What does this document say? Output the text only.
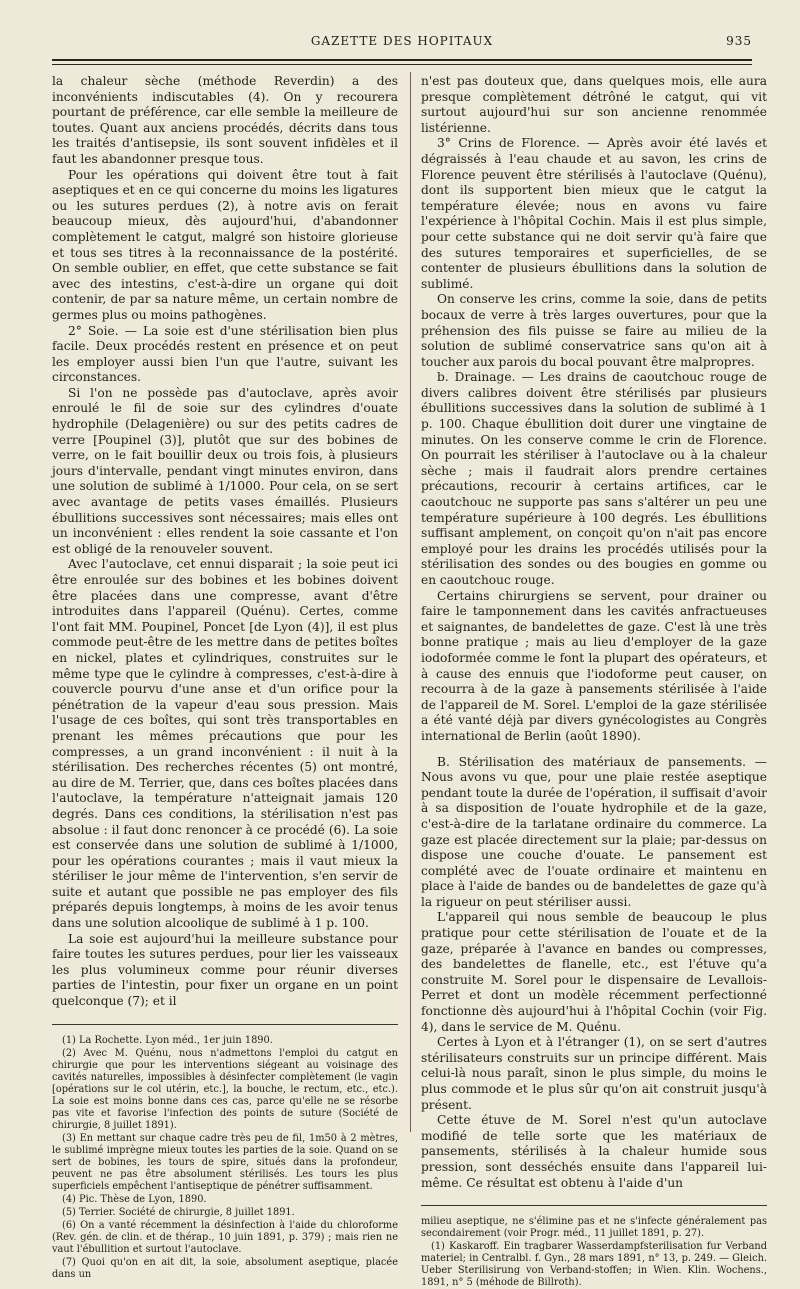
GAZETTE DES HOPITAUX	935

la chaleur sèche (méthode Reverdin) a des inconvénients indiscutables (4). On y recourera pourtant de préférence, car elle semble la meilleure de toutes. Quant aux anciens procédés, décrits dans tous les traités d'antisepsie, ils sont souvent infidèles et il faut les abandonner presque tous.

Pour les opérations qui doivent être tout à fait aseptiques et en ce qui concerne du moins les ligatures ou les sutures perdues (2), à notre avis on ferait beaucoup mieux, dès aujourd'hui, d'abandonner complètement le catgut, malgré son histoire glorieuse et tous ses titres à la reconnaissance de la postérité. On semble oublier, en effet, que cette substance se fait avec des intestins, c'est-à-dire un organe qui doit contenir, de par sa nature même, un certain nombre de germes plus ou moins pathogènes.

2° Soie. — La soie est d'une stérilisation bien plus facile. Deux procédés restent en présence et on peut les employer aussi bien l'un que l'autre, suivant les circonstances.

Si l'on ne possède pas d'autoclave, après avoir enroulé le fil de soie sur des cylindres d'ouate hydrophile (Delagenière) ou sur des petits cadres de verre [Poupinel (3)], plutôt que sur des bobines de verre, on le fait bouillir deux ou trois fois, à plusieurs jours d'intervalle, pendant vingt minutes environ, dans une solution de sublimé à 1/1000. Pour cela, on se sert avec avantage de petits vases émaillés. Plusieurs ébullitions successives sont nécessaires; mais elles ont un inconvénient : elles rendent la soie cassante et l'on est obligé de la renouveler souvent.

Avec l'autoclave, cet ennui disparait ; la soie peut ici être enroulée sur des bobines et les bobines doivent être placées dans une compresse, avant d'être introduites dans l'appareil (Quénu). Certes, comme l'ont fait MM. Poupinel, Poncet [de Lyon (4)], il est plus commode peut-être de les mettre dans de petites boîtes en nickel, plates et cylindriques, construites sur le même type que le cylindre à compresses, c'est-à-dire à couvercle pourvu d'une anse et d'un orifice pour la pénétration de la vapeur d'eau sous pression. Mais l'usage de ces boîtes, qui sont très transportables en prenant les mêmes précautions que pour les compresses, a un grand inconvénient : il nuit à la stérilisation. Des recherches récentes (5) ont montré, au dire de M. Terrier, que, dans ces boîtes placées dans l'autoclave, la température n'atteignait jamais 120 degrés. Dans ces conditions, la stérilisation n'est pas absolue : il faut donc renoncer à ce procédé (6). La soie est conservée dans une solution de sublimé à 1/1000, pour les opérations courantes ; mais il vaut mieux la stériliser le jour même de l'intervention, s'en servir de suite et autant que possible ne pas employer des fils préparés depuis longtemps, à moins de les avoir tenus dans une solution alcoolique de sublimé à 1 p. 100.

La soie est aujourd'hui la meilleure substance pour faire toutes les sutures perdues, pour lier les vaisseaux les plus volumineux comme pour réunir diverses parties de l'intestin, pour fixer un organe en un point quelconque (7); et il

(1) La Rochette. Lyon méd., 1er juin 1890.

(2) Avec M. Quénu, nous n'admettons l'emploi du catgut en chirurgie que pour les interventions siégeant au voisinage des cavités naturelles, impossibles à désinfecter complètement (le vagin [opérations sur le col utérin, etc.], la bouche, le rectum, etc., etc.). La soie est moins bonne dans ces cas, parce qu'elle ne se résorbe pas vite et favorise l'infection des points de suture (Société de chirurgie, 8 juillet 1891).

(3) En mettant sur chaque cadre très peu de fil, 1m50 à 2 mètres, le sublimé imprègne mieux toutes les parties de la soie. Quand on se sert de bobines, les tours de spire, situés dans la profondeur, peuvent ne pas être absolument stérilisés. Les tours les plus superficiels empêchent l'antiseptique de pénétrer suffisamment.

(4) Pic. Thèse de Lyon, 1890.

(5) Terrier. Société de chirurgie, 8 juillet 1891.

(6) On a vanté récemment la désinfection à l'aide du chloroforme (Rev. gén. de clin. et de thérap., 10 juin 1891, p. 379) ; mais rien ne vaut l'ébullition et surtout l'autoclave.

(7) Quoi qu'on en ait dit, la soie, absolument aseptique, placée dans un

n'est pas douteux que, dans quelques mois, elle aura presque complètement détrôné le catgut, qui vit surtout aujourd'hui sur son ancienne renommée listérienne.

3° Crins de Florence. — Après avoir été lavés et dégraissés à l'eau chaude et au savon, les crins de Florence peuvent être stérilisés à l'autoclave (Quénu), dont ils supportent bien mieux que le catgut la température élevée; nous en avons vu faire l'expérience à l'hôpital Cochin. Mais il est plus simple, pour cette substance qui ne doit servir qu'à faire que des sutures temporaires et superficielles, de se contenter de plusieurs ébullitions dans la solution de sublimé.

On conserve les crins, comme la soie, dans de petits bocaux de verre à très larges ouvertures, pour que la préhension des fils puisse se faire au milieu de la solution de sublimé conservatrice sans qu'on ait à toucher aux parois du bocal pouvant être malpropres.

b. Drainage. — Les drains de caoutchouc rouge de divers calibres doivent être stérilisés par plusieurs ébullitions successives dans la solution de sublimé à 1 p. 100. Chaque ébullition doit durer une vingtaine de minutes. On les conserve comme le crin de Florence. On pourrait les stériliser à l'autoclave ou à la chaleur sèche ; mais il faudrait alors prendre certaines précautions, recourir à certains artifices, car le caoutchouc ne supporte pas sans s'altérer un peu une température supérieure à 100 degrés. Les ébullitions suffisant amplement, on conçoit qu'on n'ait pas encore employé pour les drains les procédés utilisés pour la stérilisation des sondes ou des bougies en gomme ou en caoutchouc rouge.

Certains chirurgiens se servent, pour drainer ou faire le tamponnement dans les cavités anfractueuses et saignantes, de bandelettes de gaze. C'est là une très bonne pratique ; mais au lieu d'employer de la gaze iodoformée comme le font la plupart des opérateurs, et à cause des ennuis que l'iodoforme peut causer, on recourra à de la gaze à pansements stérilisée à l'aide de l'appareil de M. Sorel. L'emploi de la gaze stérilisée a été vanté déjà par divers gynécologistes au Congrès international de Berlin (août 1890).

B. Stérilisation des matériaux de pansements. — Nous avons vu que, pour une plaie restée aseptique pendant toute la durée de l'opération, il suffisait d'avoir à sa disposition de l'ouate hydrophile et de la gaze, c'est-à-dire de la tarlatane ordinaire du commerce. La gaze est placée directement sur la plaie; par-dessus on dispose une couche d'ouate. Le pansement est complété avec de l'ouate ordinaire et maintenu en place à l'aide de bandes ou de bandelettes de gaze qu'à la rigueur on peut stériliser aussi.

L'appareil qui nous semble de beaucoup le plus pratique pour cette stérilisation de l'ouate et de la gaze, préparée à l'avance en bandes ou compresses, des bandelettes de flanelle, etc., est l'étuve qu'a construite M. Sorel pour le dispensaire de Levallois-Perret et dont un modèle récemment perfectionné fonctionne dès aujourd'hui à l'hôpital Cochin (voir Fig. 4), dans le service de M. Quénu.

Certes à Lyon et à l'étranger (1), on se sert d'autres stérilisateurs construits sur un principe différent. Mais celui-là nous paraît, sinon le plus simple, du moins le plus commode et le plus sûr qu'on ait construit jusqu'à présent.

Cette étuve de M. Sorel n'est qu'un autoclave modifié de telle sorte que les matériaux de pansements, stérilisés à la chaleur humide sous pression, sont desséchés ensuite dans l'appareil lui-même. Ce résultat est obtenu à l'aide d'un

milieu aseptique, ne s'élimine pas et ne s'infecte généralement pas secondairement (voir Progr. méd., 11 juillet 1891, p. 27).

(1) Kaskaroff. Ein tragbarer Wasserdampfsterilisation fur Verband materiel; in Centralbl. f. Gyn., 28 mars 1891, n° 13, p. 249. — Gleich. Ueber Sterilisirung von Verband-stoffen; in Wien. Klin. Wochens., 1891, n° 5 (méhode de Billroth).
